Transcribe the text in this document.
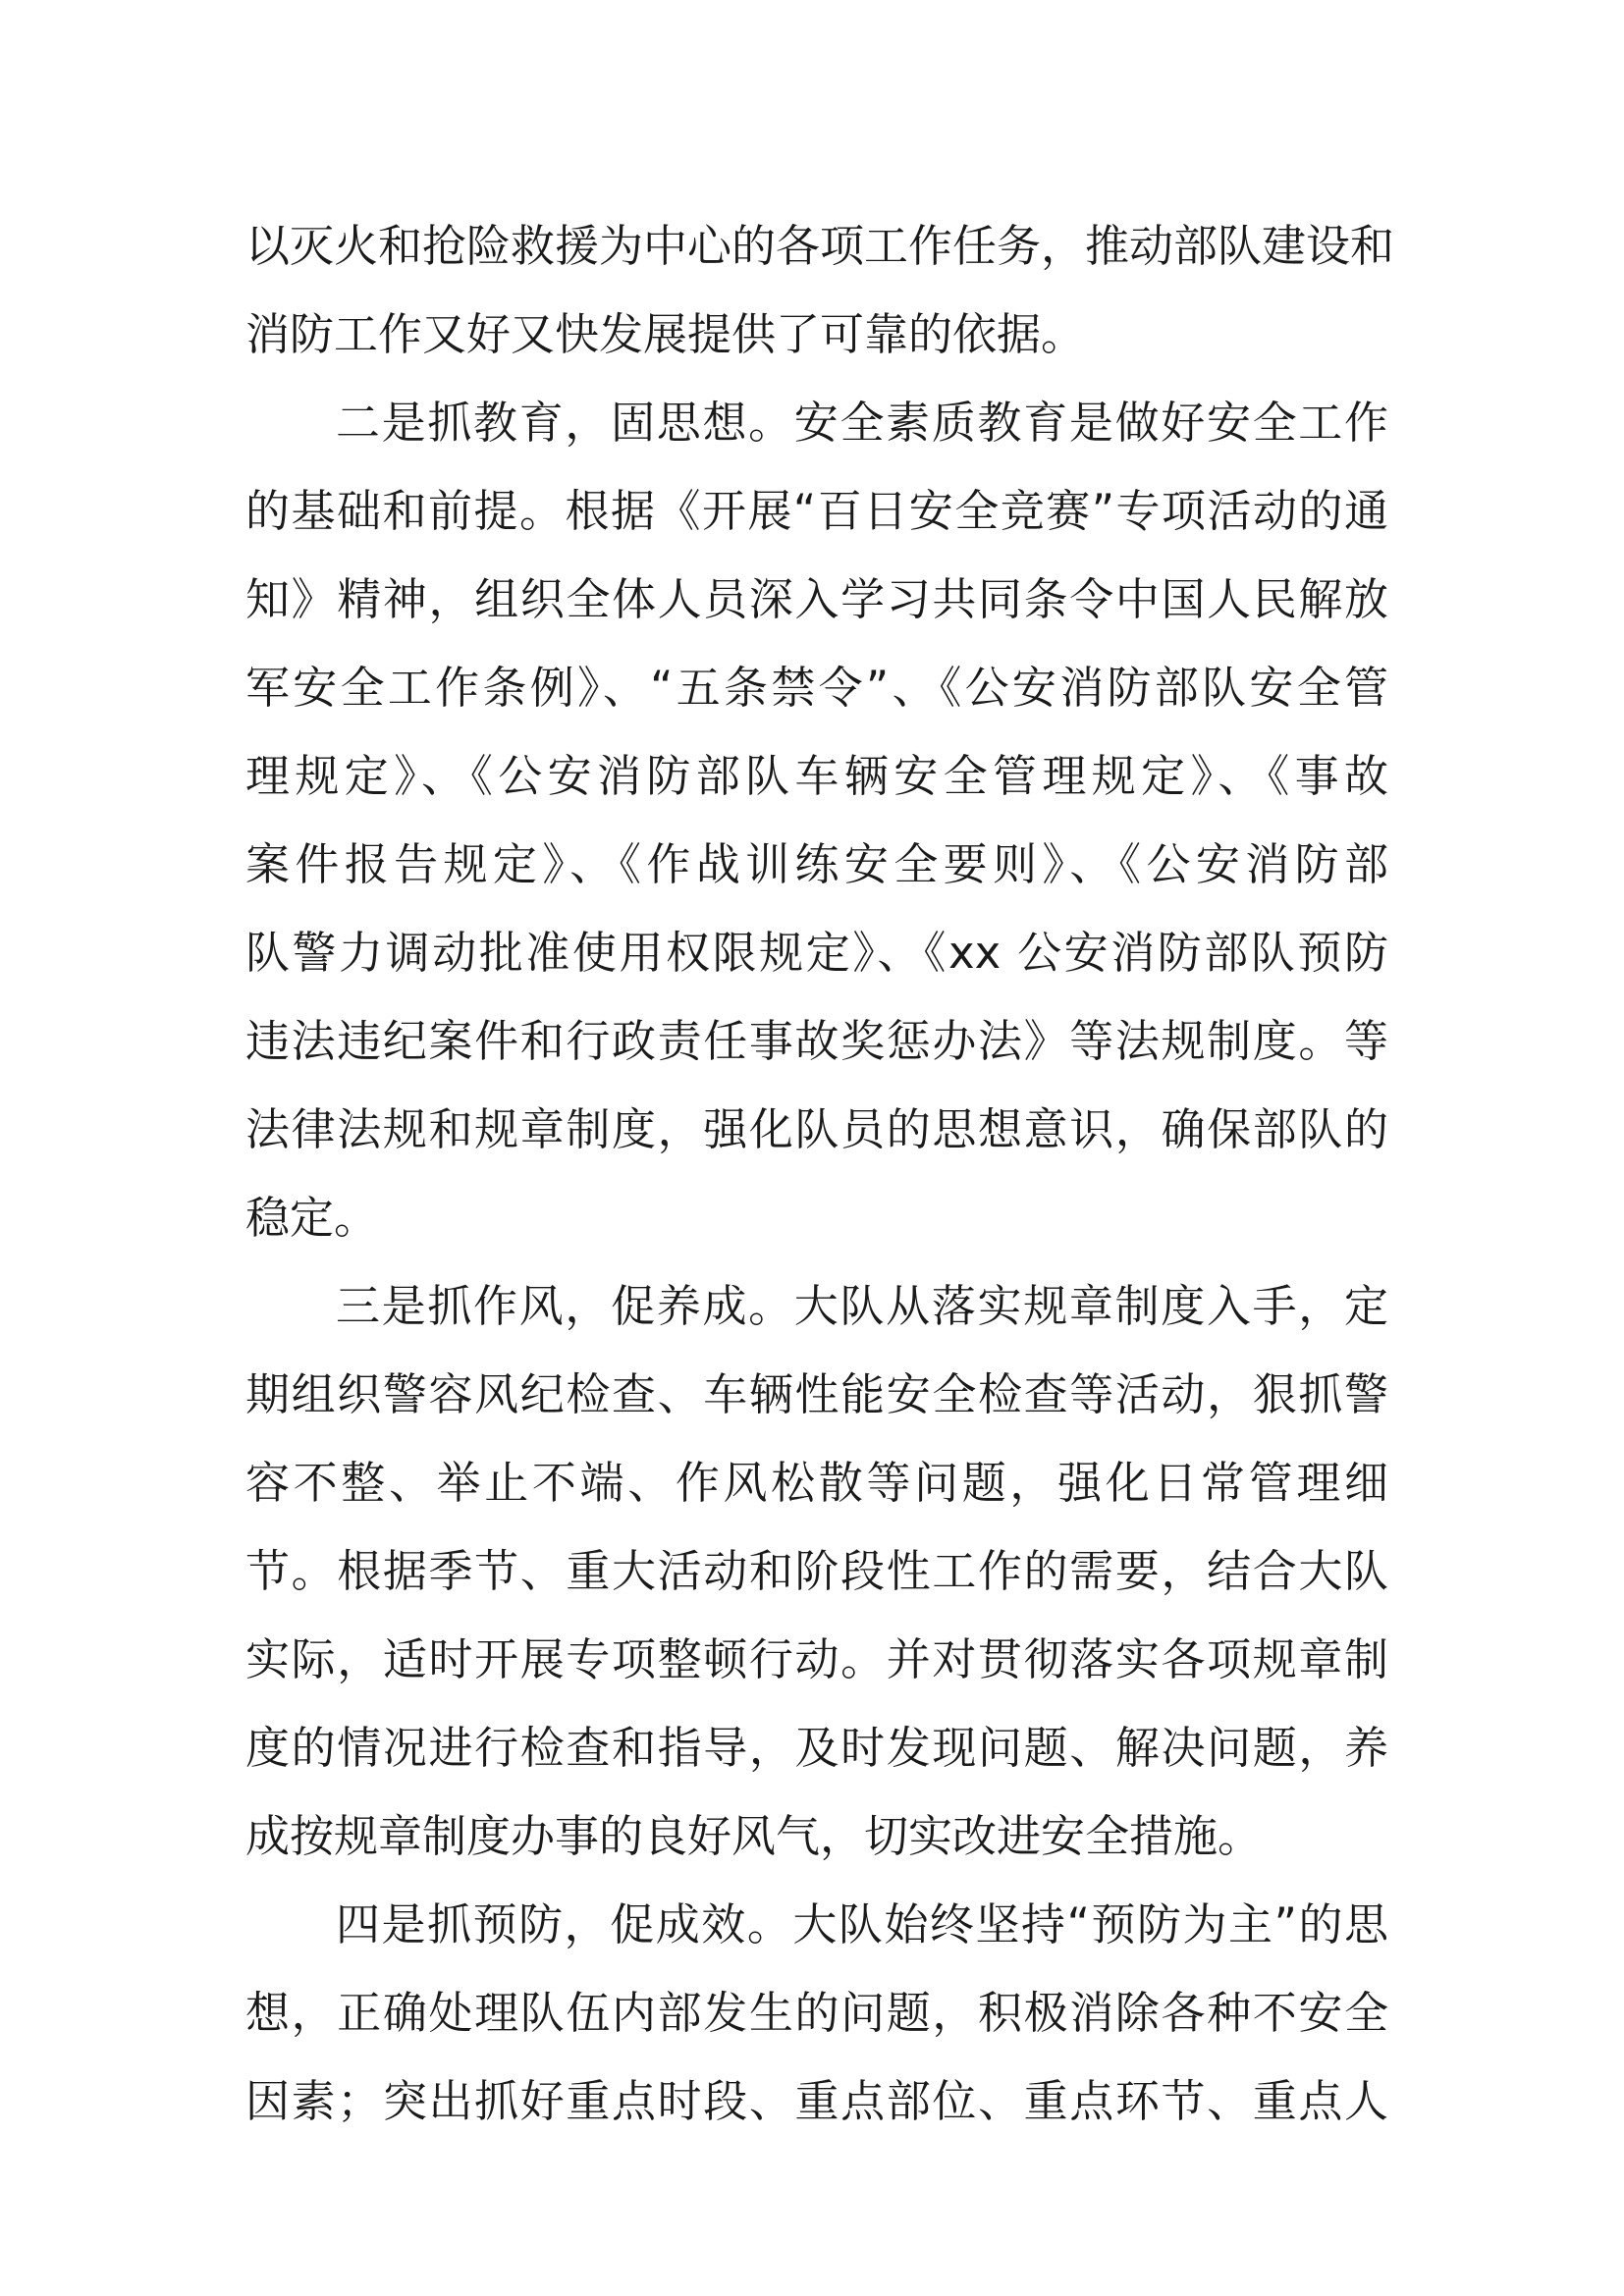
以灭火和抢险救援为中心的各项工作任务，推动部队建设和
消防工作又好又快发展提供了可靠的依据。
二是抓教育，固思想。安全素质教育是做好安全工作
的基础和前提。根据《开展“百日安全竞赛”专项活动的通
知》精神，组织全体人员深入学习共同条令中国人民解放
军安全工作条例》、“五条禁令”、《公安消防部队安全管
理规定》、《公安消防部队车辆安全管理规定》、《事故
案件报告规定》、《作战训练安全要则》、《公安消防部
队警力调动批准使用权限规定》、《xx 公安消防部队预防
违法违纪案件和行政责任事故奖惩办法》等法规制度。等
法律法规和规章制度，强化队员的思想意识，确保部队的
稳定。
三是抓作风，促养成。大队从落实规章制度入手，定
期组织警容风纪检查、车辆性能安全检查等活动，狠抓警
容不整、举止不端、作风松散等问题，强化日常管理细
节。根据季节、重大活动和阶段性工作的需要，结合大队
实际，适时开展专项整顿行动。并对贯彻落实各项规章制
度的情况进行检查和指导，及时发现问题、解决问题，养
成按规章制度办事的良好风气，切实改进安全措施。
四是抓预防，促成效。大队始终坚持“预防为主”的思
想，正确处理队伍内部发生的问题，积极消除各种不安全
因素；突出抓好重点时段、重点部位、重点环节、重点人
